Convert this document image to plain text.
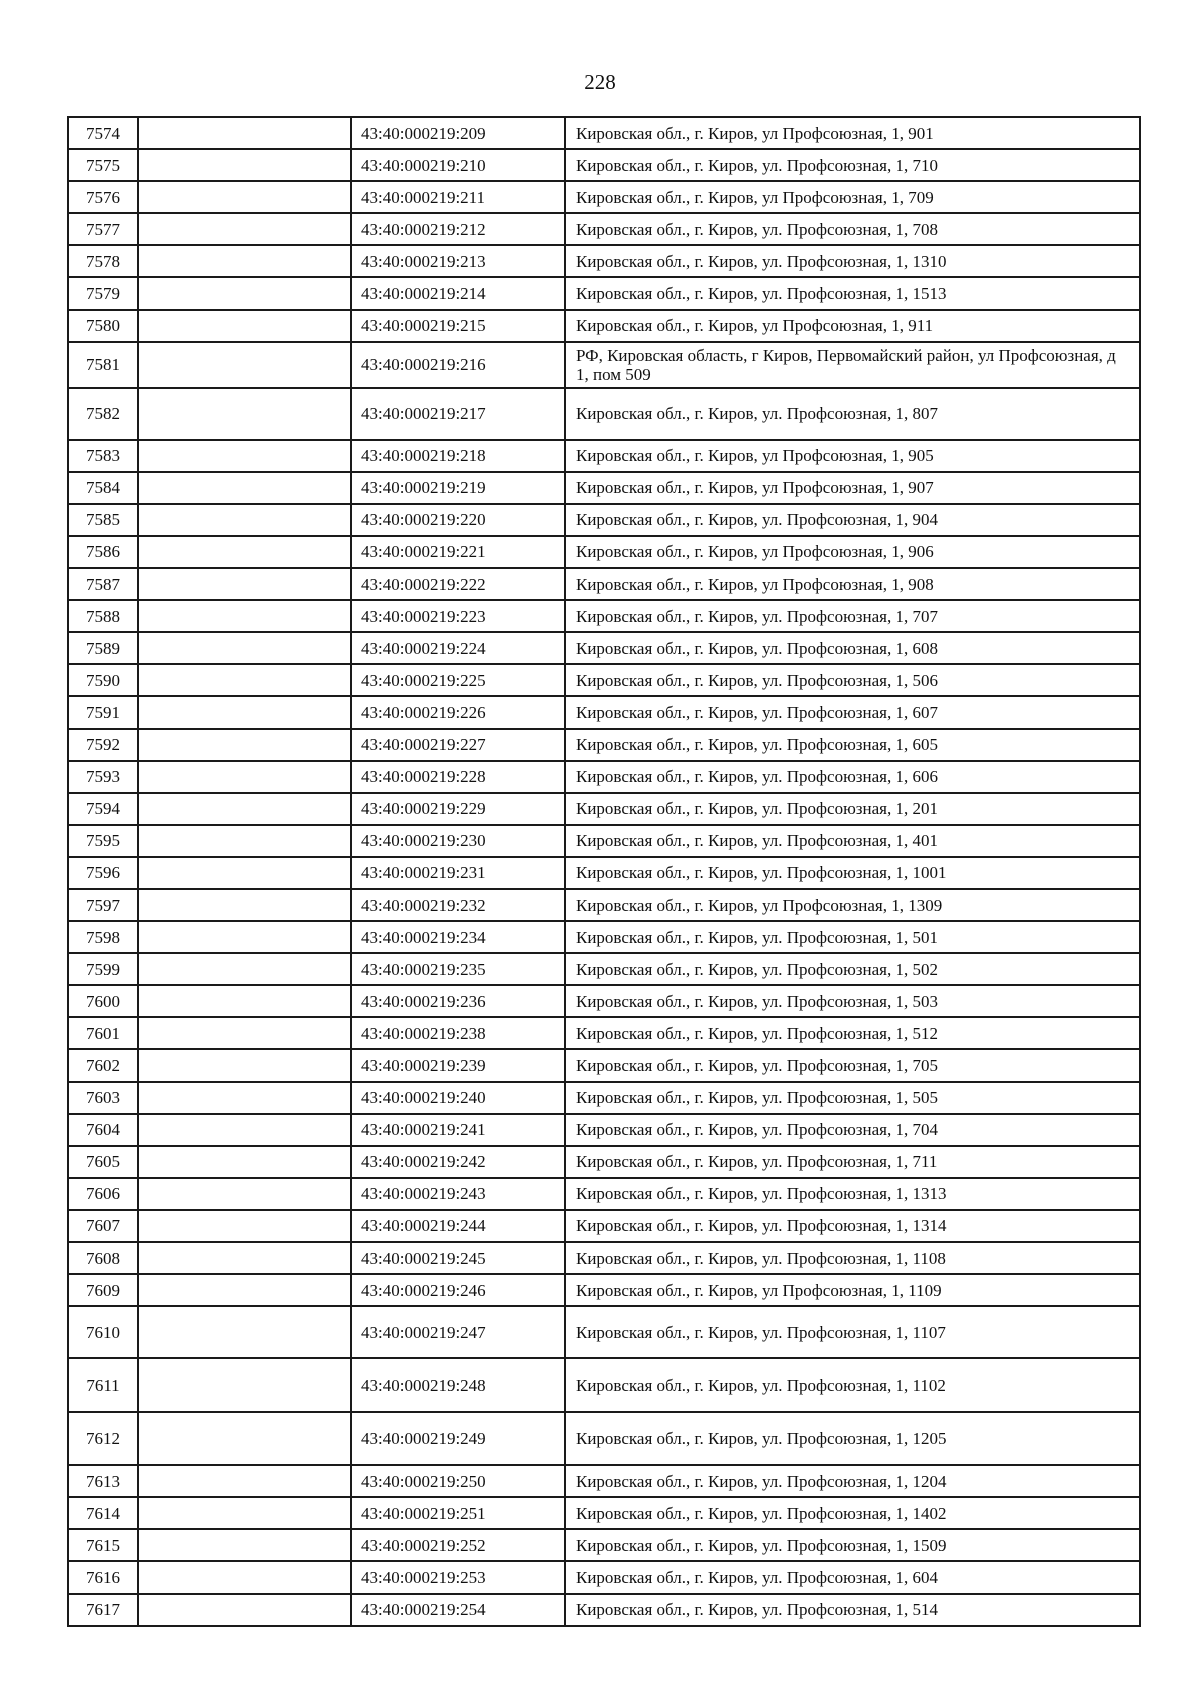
228
7574		43:40:000219:209	Кировская обл., г. Киров, ул Профсоюзная, 1, 901
7575		43:40:000219:210	Кировская обл., г. Киров, ул. Профсоюзная, 1, 710
7576		43:40:000219:211	Кировская обл., г. Киров, ул Профсоюзная, 1, 709
7577		43:40:000219:212	Кировская обл., г. Киров, ул. Профсоюзная, 1, 708
7578		43:40:000219:213	Кировская обл., г. Киров, ул. Профсоюзная, 1, 1310
7579		43:40:000219:214	Кировская обл., г. Киров, ул. Профсоюзная, 1, 1513
7580		43:40:000219:215	Кировская обл., г. Киров, ул Профсоюзная, 1, 911
7581		43:40:000219:216	РФ, Кировская область, г Киров, Первомайский район, ул Профсоюзная, д 1, пом 509
7582		43:40:000219:217	Кировская обл., г. Киров, ул. Профсоюзная, 1, 807
7583		43:40:000219:218	Кировская обл., г. Киров, ул Профсоюзная, 1, 905
7584		43:40:000219:219	Кировская обл., г. Киров, ул Профсоюзная, 1, 907
7585		43:40:000219:220	Кировская обл., г. Киров, ул. Профсоюзная, 1, 904
7586		43:40:000219:221	Кировская обл., г. Киров, ул Профсоюзная, 1, 906
7587		43:40:000219:222	Кировская обл., г. Киров, ул Профсоюзная, 1, 908
7588		43:40:000219:223	Кировская обл., г. Киров, ул. Профсоюзная, 1, 707
7589		43:40:000219:224	Кировская обл., г. Киров, ул. Профсоюзная, 1, 608
7590		43:40:000219:225	Кировская обл., г. Киров, ул. Профсоюзная, 1, 506
7591		43:40:000219:226	Кировская обл., г. Киров, ул. Профсоюзная, 1, 607
7592		43:40:000219:227	Кировская обл., г. Киров, ул. Профсоюзная, 1, 605
7593		43:40:000219:228	Кировская обл., г. Киров, ул. Профсоюзная, 1, 606
7594		43:40:000219:229	Кировская обл., г. Киров, ул. Профсоюзная, 1, 201
7595		43:40:000219:230	Кировская обл., г. Киров, ул. Профсоюзная, 1, 401
7596		43:40:000219:231	Кировская обл., г. Киров, ул. Профсоюзная, 1, 1001
7597		43:40:000219:232	Кировская обл., г. Киров, ул Профсоюзная, 1, 1309
7598		43:40:000219:234	Кировская обл., г. Киров, ул. Профсоюзная, 1, 501
7599		43:40:000219:235	Кировская обл., г. Киров, ул. Профсоюзная, 1, 502
7600		43:40:000219:236	Кировская обл., г. Киров, ул. Профсоюзная, 1, 503
7601		43:40:000219:238	Кировская обл., г. Киров, ул. Профсоюзная, 1, 512
7602		43:40:000219:239	Кировская обл., г. Киров, ул. Профсоюзная, 1, 705
7603		43:40:000219:240	Кировская обл., г. Киров, ул. Профсоюзная, 1, 505
7604		43:40:000219:241	Кировская обл., г. Киров, ул. Профсоюзная, 1, 704
7605		43:40:000219:242	Кировская обл., г. Киров, ул. Профсоюзная, 1, 711
7606		43:40:000219:243	Кировская обл., г. Киров, ул. Профсоюзная, 1, 1313
7607		43:40:000219:244	Кировская обл., г. Киров, ул. Профсоюзная, 1, 1314
7608		43:40:000219:245	Кировская обл., г. Киров, ул. Профсоюзная, 1, 1108
7609		43:40:000219:246	Кировская обл., г. Киров, ул Профсоюзная, 1, 1109
7610		43:40:000219:247	Кировская обл., г. Киров, ул. Профсоюзная, 1, 1107
7611		43:40:000219:248	Кировская обл., г. Киров, ул. Профсоюзная, 1, 1102
7612		43:40:000219:249	Кировская обл., г. Киров, ул. Профсоюзная, 1, 1205
7613		43:40:000219:250	Кировская обл., г. Киров, ул. Профсоюзная, 1, 1204
7614		43:40:000219:251	Кировская обл., г. Киров, ул. Профсоюзная, 1, 1402
7615		43:40:000219:252	Кировская обл., г. Киров, ул. Профсоюзная, 1, 1509
7616		43:40:000219:253	Кировская обл., г. Киров, ул. Профсоюзная, 1, 604
7617		43:40:000219:254	Кировская обл., г. Киров, ул. Профсоюзная, 1, 514
